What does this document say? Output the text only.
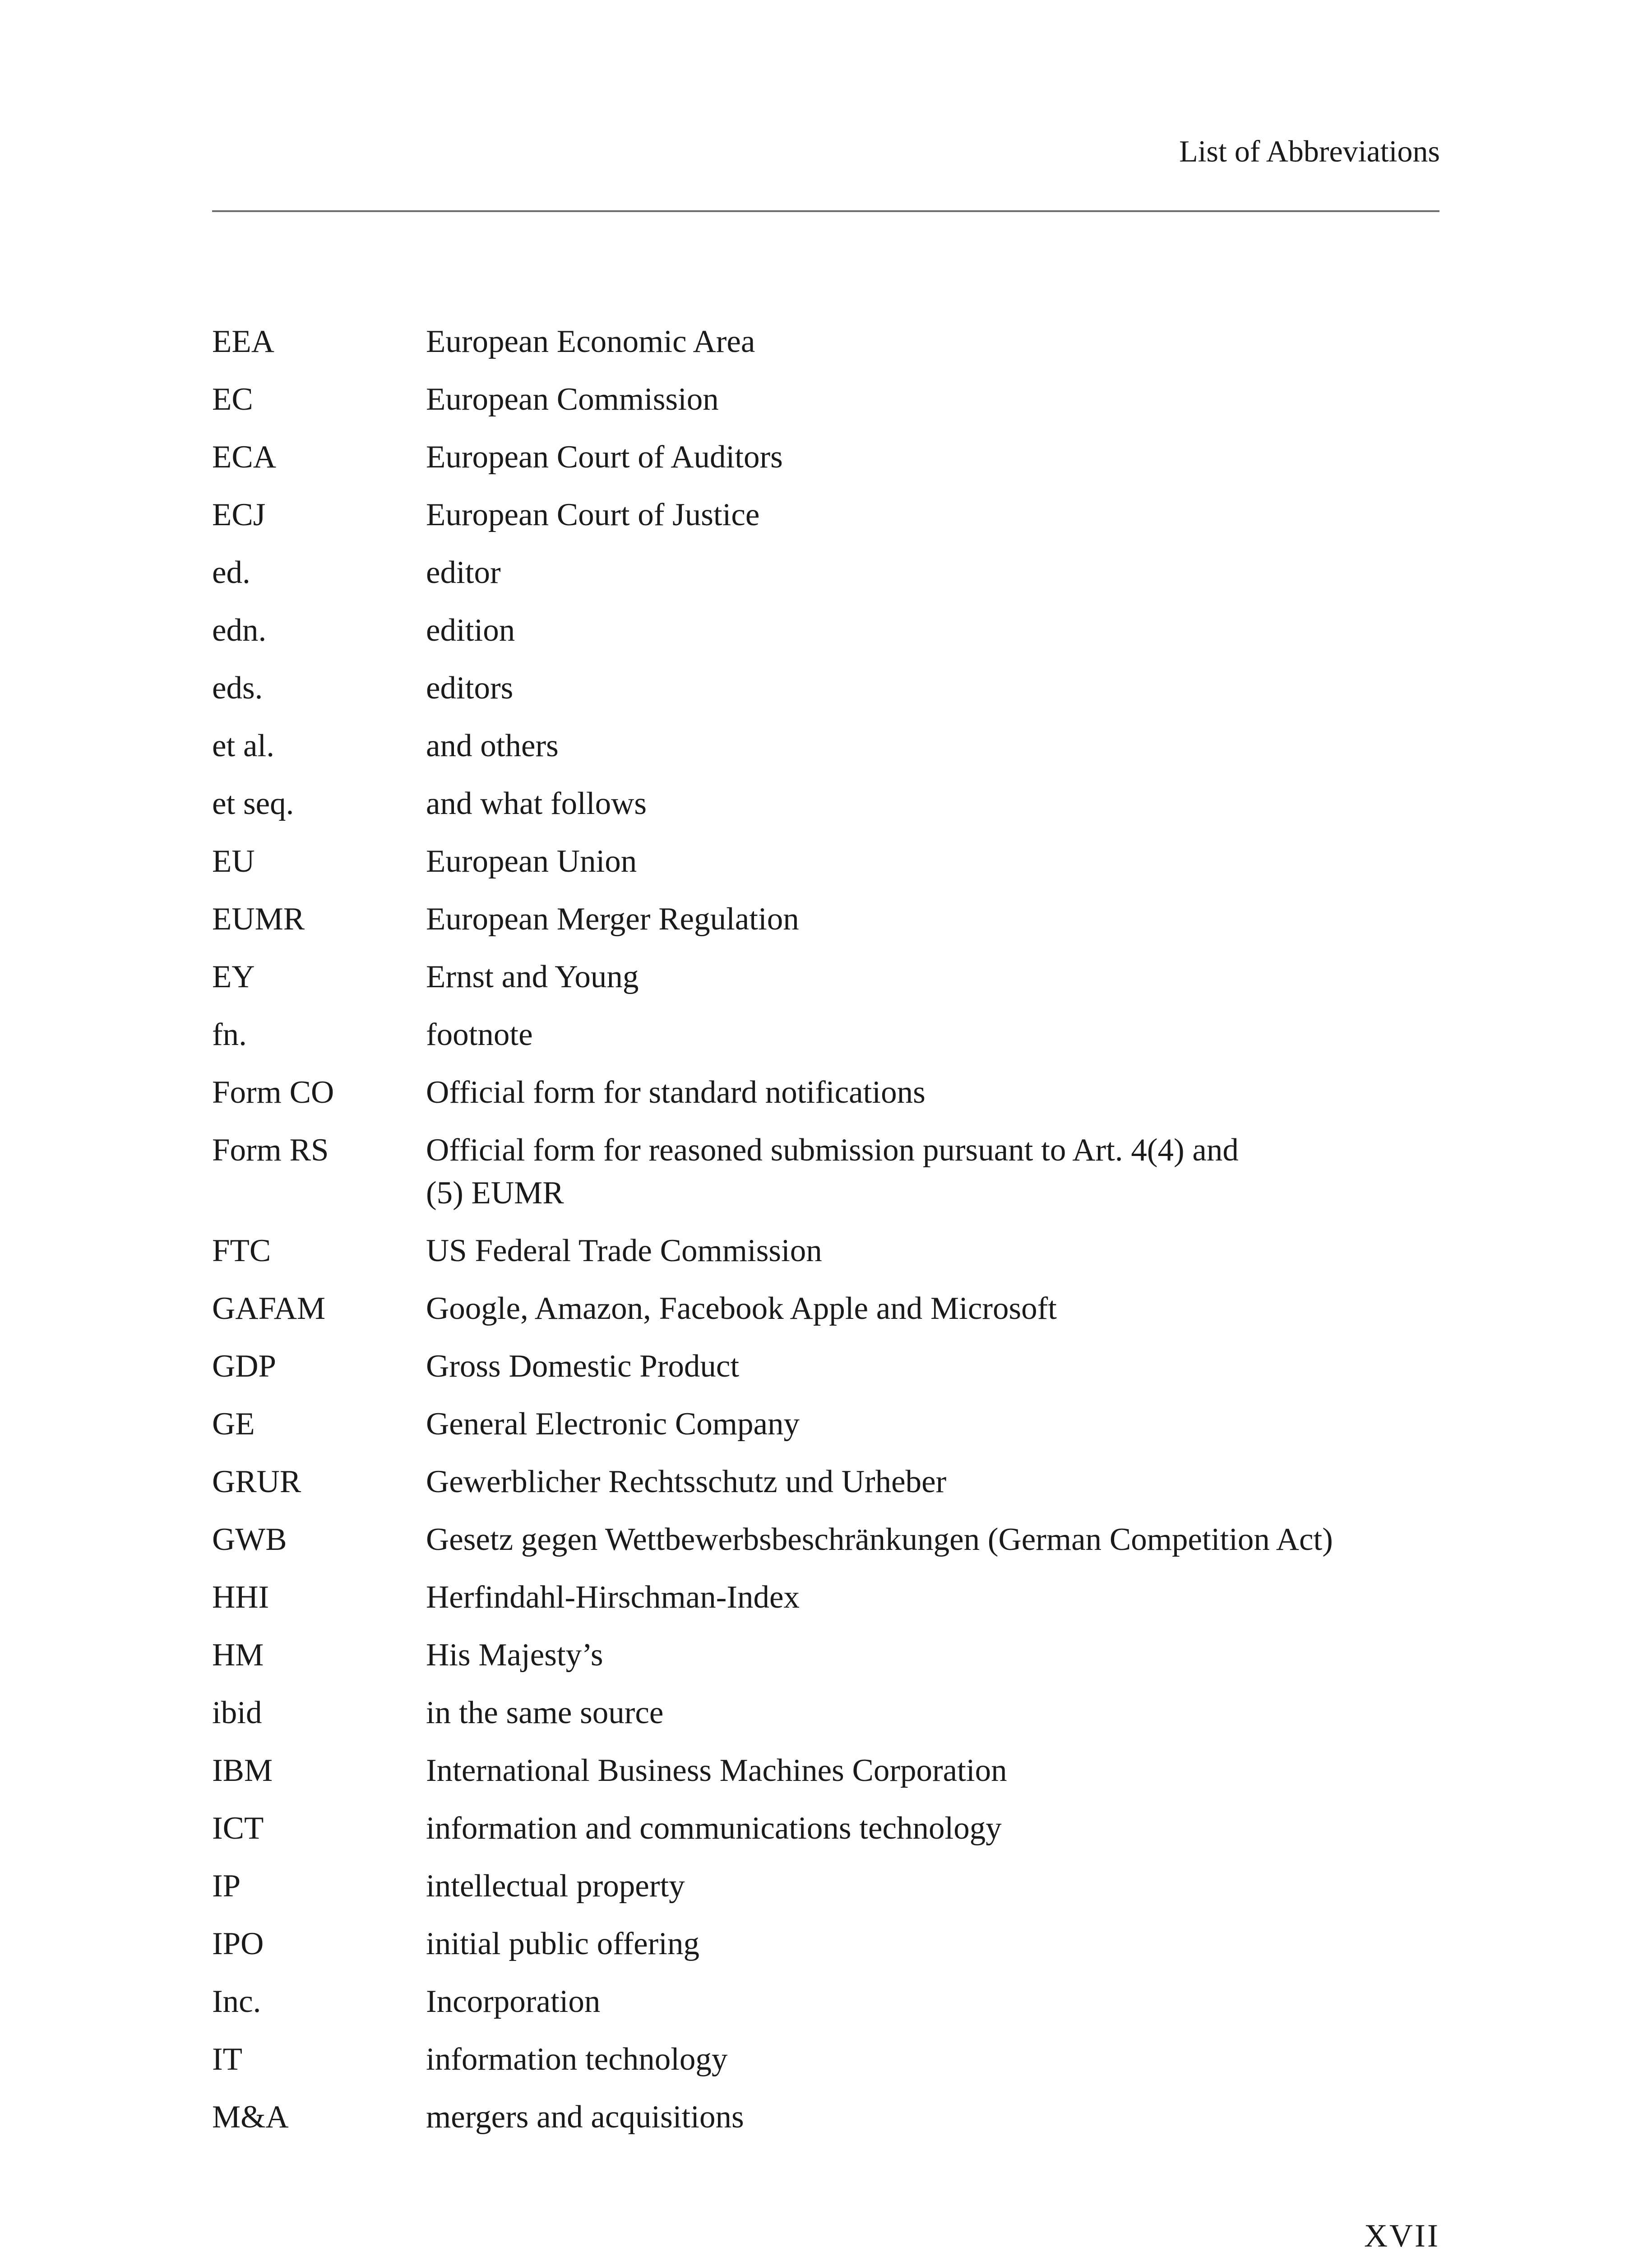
List of Abbreviations
EEA	European Economic Area
EC	European Commission
ECA	European Court of Auditors
ECJ	European Court of Justice
ed.	editor
edn.	edition
eds.	editors
et al.	and others
et seq.	and what follows
EU	European Union
EUMR	European Merger Regulation
EY	Ernst and Young
fn.	footnote
Form CO	Official form for standard notifications
Form RS	Official form for reasoned submission pursuant to Art. 4(4) and
(5) EUMR
FTC	US Federal Trade Commission
GAFAM	Google, Amazon, Facebook Apple and Microsoft
GDP	Gross Domestic Product
GE	General Electronic Company
GRUR	Gewerblicher Rechtsschutz und Urheber
GWB	Gesetz gegen Wettbewerbsbeschränkungen (German Competition Act)
HHI	Herfindahl-Hirschman-Index
HM	His Majesty’s
ibid	in the same source
IBM	International Business Machines Corporation
ICT	information and communications technology
IP	intellectual property
IPO	initial public offering
Inc.	Incorporation
IT	information technology
M&A	mergers and acquisitions
XVII
